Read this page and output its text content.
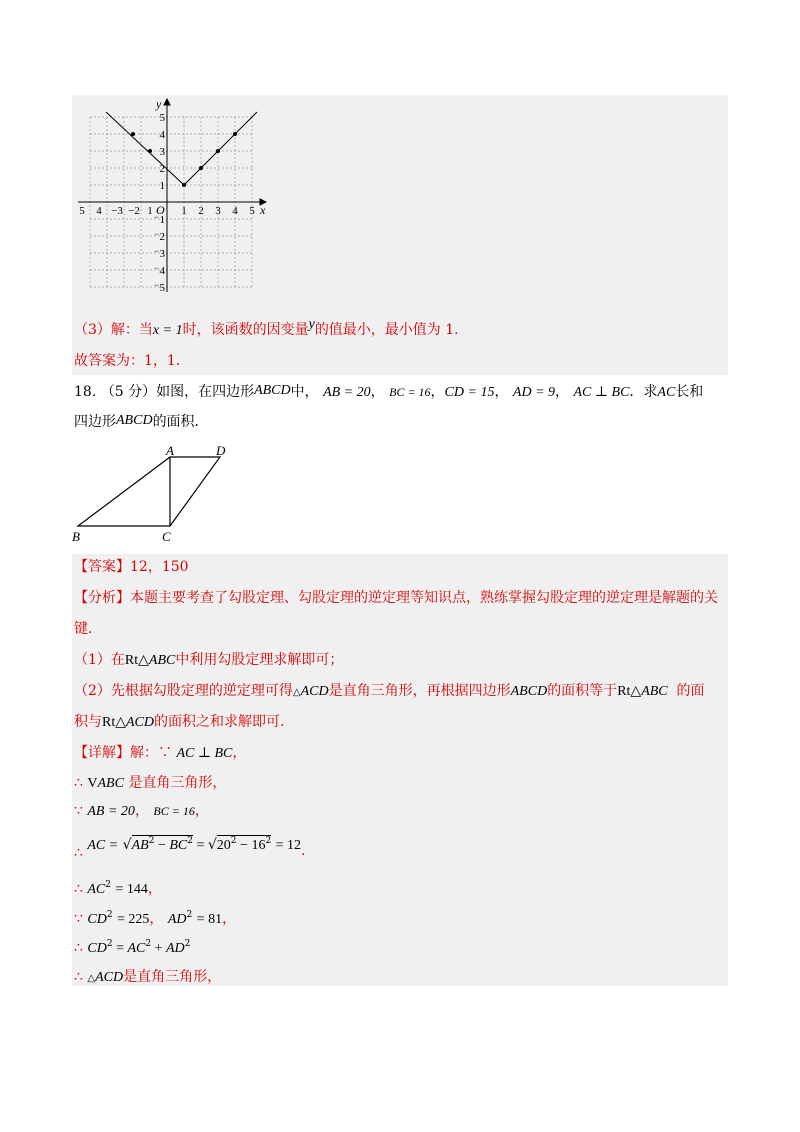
y
x
O
5 4 −3 −2 1	1 2 3 4 5
5
4
3
2
1
1
2
3
4
5
−
−
−
−
−
（3）解：当x = 1时，该函数的因变量y的值最小，最小值为 1.
故答案为：1，1.
18. （5 分）如图，在四边形ABCD中， AB = 20， BC = 16，CD = 15， AD = 9， AC ⊥ BC．求AC长和
四边形ABCD的面积．
A	D
B	C
【答案】12，150
【分析】本题主要考查了勾股定理、勾股定理的逆定理等知识点，熟练掌握勾股定理的逆定理是解题的关
键．
（1）在Rt△ABC中利用勾股定理求解即可；
（2）先根据勾股定理的逆定理可得△ACD是直角三角形，再根据四边形ABCD的面积等于Rt△ABC 的面
积与Rt△ACD的面积之和求解即可．
【详解】解：∵ AC ⊥ BC，
∴ VABC 是直角三角形，
∵ AB = 20， BC = 16，
∴ AC = $√AB^2 - BC^2 = √20^2 - 16^2 = 12$.
∴ $AC^2 = 144$，
∵ $CD^2 = 225$， $AD^2 = 81$，
∴ $CD^2 = AC^2 + AD^2$
∴ △ACD是直角三角形，
